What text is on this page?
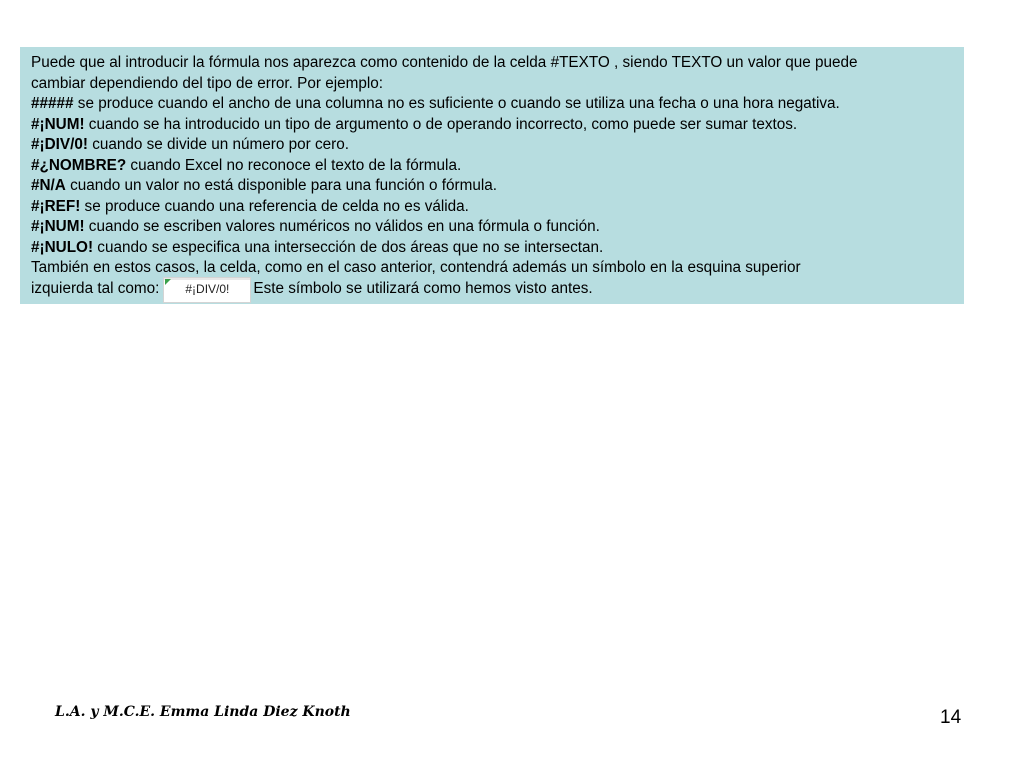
Puede que al introducir la fórmula nos aparezca como contenido de la celda #TEXTO , siendo TEXTO un valor que puede

cambiar dependiendo del tipo de error. Por ejemplo:

##### se produce cuando el ancho de una columna no es suficiente o cuando se utiliza una fecha o una hora negativa.

#¡NUM! cuando se ha introducido un tipo de argumento o de operando incorrecto, como puede ser sumar textos.

#¡DIV/0! cuando se divide un número por cero.

#¿NOMBRE? cuando Excel no reconoce el texto de la fórmula.

#N/A cuando un valor no está disponible para una función o fórmula.

#¡REF! se produce cuando una referencia de celda no es válida.

#¡NUM! cuando se escriben valores numéricos no válidos en una fórmula o función.

#¡NULO! cuando se especifica una intersección de dos áreas que no se intersectan.

También en estos casos, la celda, como en el caso anterior, contendrá además un símbolo en la esquina superior

izquierda tal como: #¡DIV/0! Este símbolo se utilizará como hemos visto antes.

L.A. y M.C.E. Emma Linda Diez Knoth	14
